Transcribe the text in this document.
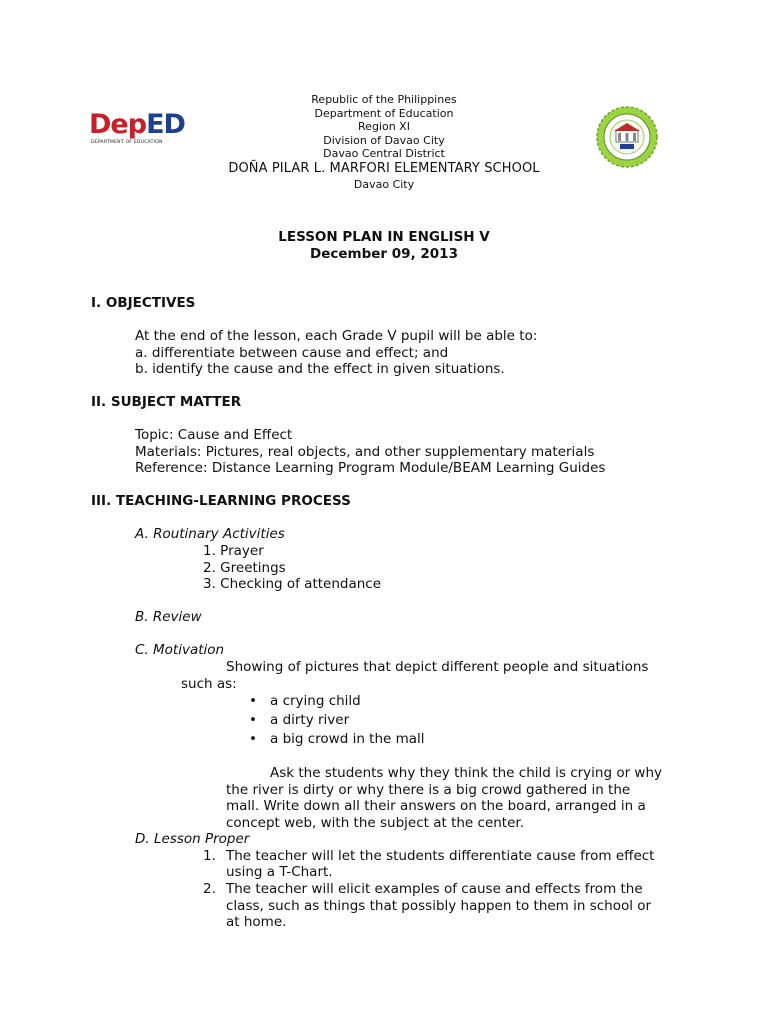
DepED
DEPARTMENT OF EDUCATION
Republic of the Philippines
Department of Education
Region XI
Division of Davao City
Davao Central District
DOÑA PILAR L. MARFORI ELEMENTARY SCHOOL
Davao City
LESSON PLAN IN ENGLISH V
December 09, 2013
I. OBJECTIVES
At the end of the lesson, each Grade V pupil will be able to:
a. differentiate between cause and effect; and
b. identify the cause and the effect in given situations.
II. SUBJECT MATTER
Topic: Cause and Effect
Materials: Pictures, real objects, and other supplementary materials
Reference: Distance Learning Program Module/BEAM Learning Guides
III. TEACHING-LEARNING PROCESS
A. Routinary Activities
1. Prayer
2. Greetings
3. Checking of attendance
B. Review
C. Motivation
Showing of pictures that depict different people and situations
such as:
• a crying child
• a dirty river
• a big crowd in the mall
Ask the students why they think the child is crying or why
the river is dirty or why there is a big crowd gathered in the
mall. Write down all their answers on the board, arranged in a
concept web, with the subject at the center.
D. Lesson Proper
1. The teacher will let the students differentiate cause from effect
using a T-Chart.
2. The teacher will elicit examples of cause and effects from the
class, such as things that possibly happen to them in school or
at home.
